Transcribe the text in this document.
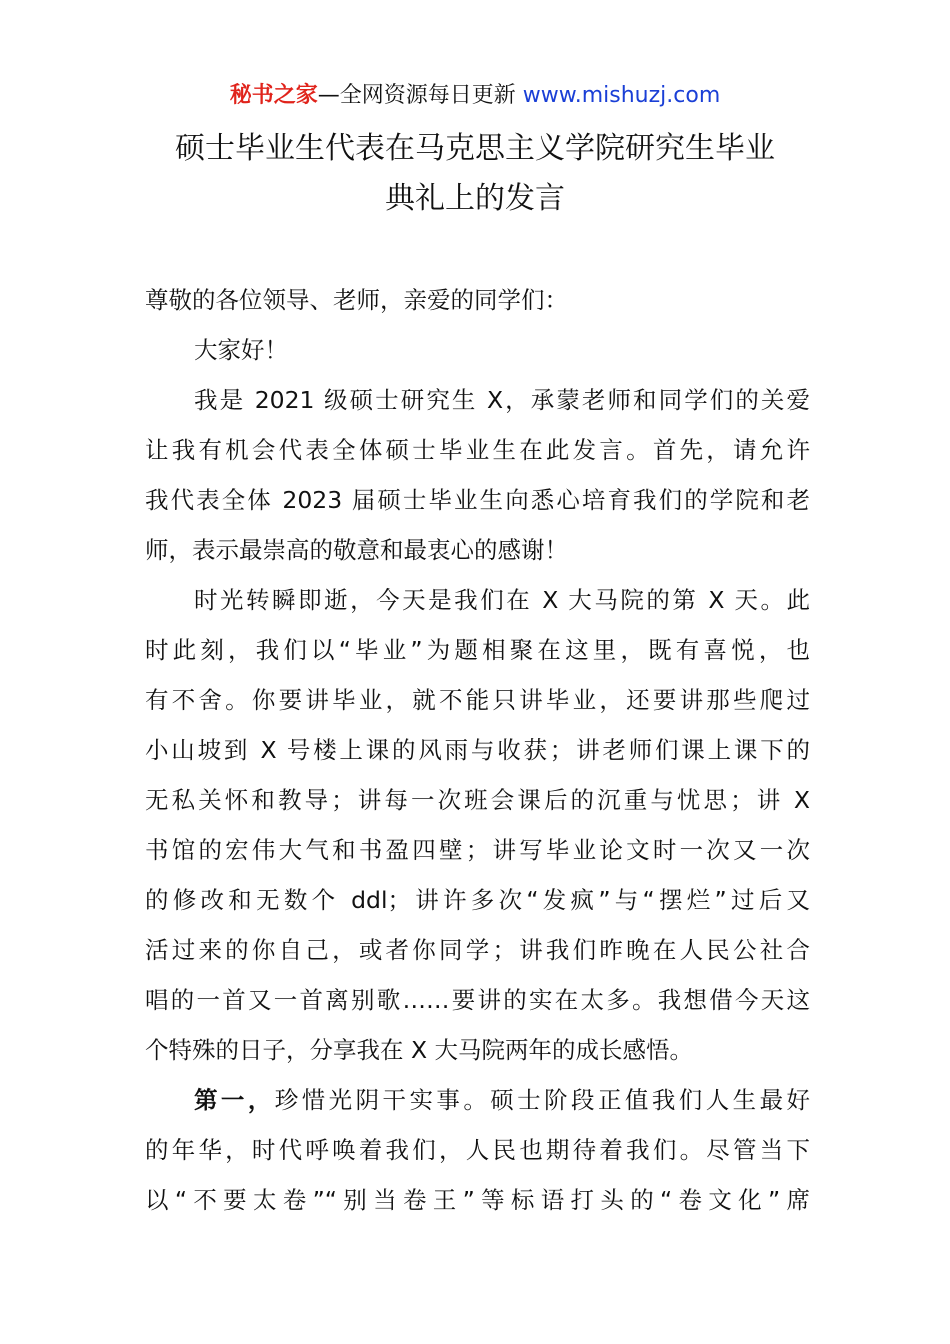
秘书之家—全网资源每日更新 www.mishuzj.com
硕士毕业生代表在马克思主义学院研究生毕业
典礼上的发言
尊敬的各位领导、老师，亲爱的同学们：
大家好！
我是 2021 级硕士研究生 X，承蒙老师和同学们的关爱
让我有机会代表全体硕士毕业生在此发言。首先，请允许
我代表全体 2023 届硕士毕业生向悉心培育我们的学院和老
师，表示最崇高的敬意和最衷心的感谢！
时光转瞬即逝，今天是我们在 X 大马院的第 X 天。此
时此刻，我们以“毕业”为题相聚在这里，既有喜悦，也
有不舍。你要讲毕业，就不能只讲毕业，还要讲那些爬过
小山坡到 X 号楼上课的风雨与收获；讲老师们课上课下的
无私关怀和教导；讲每一次班会课后的沉重与忧思；讲 X
书馆的宏伟大气和书盈四壁；讲写毕业论文时一次又一次
的修改和无数个 ddl；讲许多次“发疯”与“摆烂”过后又
活过来的你自己，或者你同学；讲我们昨晚在人民公社合
唱的一首又一首离别歌……要讲的实在太多。我想借今天这
个特殊的日子，分享我在 X 大马院两年的成长感悟。
第一，珍惜光阴干实事。硕士阶段正值我们人生最好
的年华，时代呼唤着我们，人民也期待着我们。尽管当下
以“不要太卷”“别当卷王”等标语打头的“卷文化”席
